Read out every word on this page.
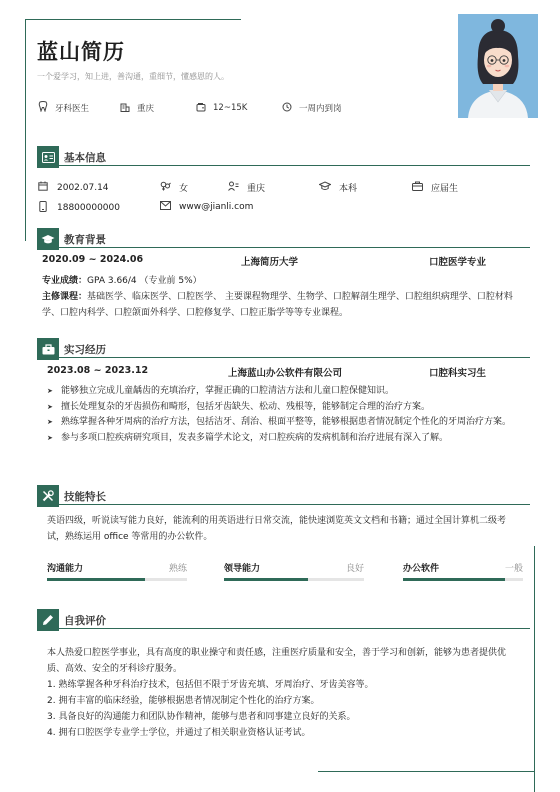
蓝山简历
一个爱学习，知上进，善沟通，重细节，懂感恩的人。
牙科医生	重庆	12~15K	一周内到岗
基本信息
2002.07.14	女	重庆	本科	应届生
18800000000	www@jianli.com
教育背景
2020.09 ~ 2024.06	上海简历大学	口腔医学专业
专业成绩：GPA 3.66/4 （专业前 5%）
主修课程：基础医学、临床医学、口腔医学、 主要课程物理学、生物学、口腔解剖生理学、口腔组织病理学、口腔材料学、口腔内科学、口腔颌面外科学、口腔修复学、口腔正脂学等等专业课程。
实习经历
2023.08 ~ 2023.12	上海蓝山办公软件有限公司	口腔科实习生
➤ 能够独立完成儿童龋齿的充填治疗，掌握正确的口腔清洁方法和儿童口腔保健知识。
➤ 擅长处理复杂的牙齿损伤和畸形，包括牙齿缺失、松动、残根等，能够制定合理的治疗方案。
➤ 熟练掌握各种牙周病的治疗方法，包括洁牙、刮治、根面平整等，能够根据患者情况制定个性化的牙周治疗方案。
➤ 参与多项口腔疾病研究项目，发表多篇学术论文，对口腔疾病的发病机制和治疗进展有深入了解。
技能特长
英语四级，听说读写能力良好，能流利的用英语进行日常交流，能快速浏览英文文档和书籍；通过全国计算机二级考试，熟练运用 office 等常用的办公软件。
沟通能力	熟练	领导能力	良好	办公软件	一般
自我评价
本人热爱口腔医学事业，具有高度的职业操守和责任感，注重医疗质量和安全，善于学习和创新，能够为患者提供优质、高效、安全的牙科诊疗服务。
1. 熟练掌握各种牙科治疗技术，包括但不限于牙齿充填、牙周治疗、牙齿美容等。
2. 拥有丰富的临床经验，能够根据患者情况制定个性化的治疗方案。
3. 具备良好的沟通能力和团队协作精神，能够与患者和同事建立良好的关系。
4. 拥有口腔医学专业学士学位，并通过了相关职业资格认证考试。
